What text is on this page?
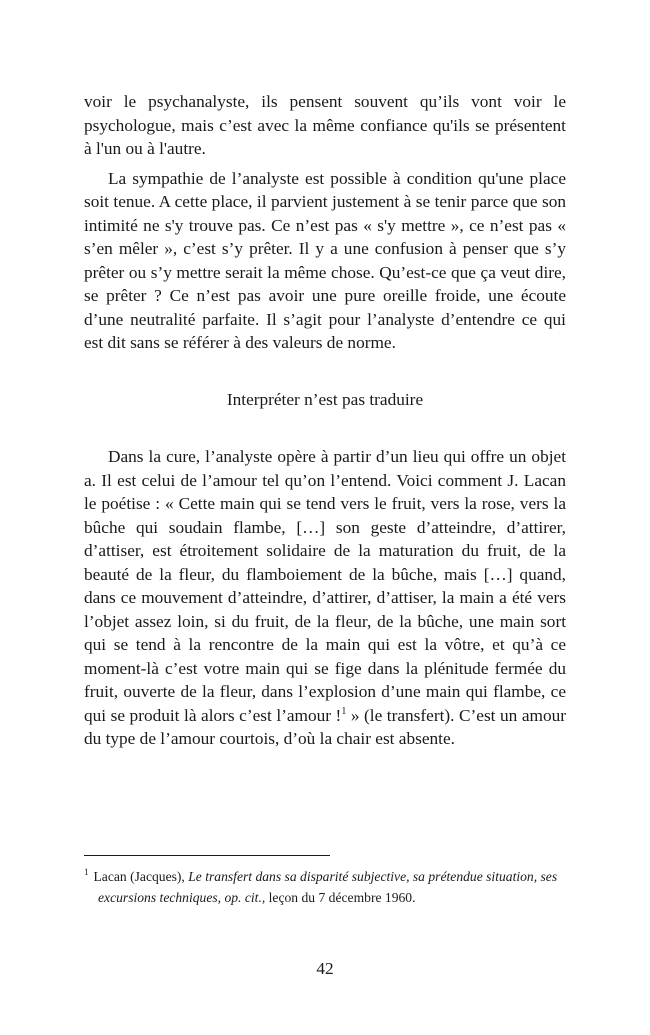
voir le psychanalyste, ils pensent souvent qu’ils vont voir le psychologue, mais c’est avec la même confiance qu'ils se présentent à l'un ou à l'autre.

La sympathie de l’analyste est possible à condition qu'une place soit tenue. A cette place, il parvient justement à se tenir parce que son intimité ne s'y trouve pas. Ce n’est pas « s'y mettre », ce n’est pas « s’en mêler », c’est s’y prêter. Il y a une confusion à penser que s’y prêter ou s’y mettre serait la même chose. Qu’est-ce que ça veut dire, se prêter ? Ce n’est pas avoir une pure oreille froide, une écoute d’une neutralité parfaite. Il s’agit pour l’analyste d’entendre ce qui est dit sans se référer à des valeurs de norme.

Interpréter n’est pas traduire

Dans la cure, l’analyste opère à partir d’un lieu qui offre un objet a. Il est celui de l’amour tel qu’on l’entend. Voici comment J. Lacan le poétise : « Cette main qui se tend vers le fruit, vers la rose, vers la bûche qui soudain flambe, […] son geste d’atteindre, d’attirer, d’attiser, est étroitement solidaire de la maturation du fruit, de la beauté de la fleur, du flamboiement de la bûche, mais […] quand, dans ce mouvement d’atteindre, d’attirer, d’attiser, la main a été vers l’objet assez loin, si du fruit, de la fleur, de la bûche, une main sort qui se tend à la rencontre de la main qui est la vôtre, et qu’à ce moment-là c’est votre main qui se fige dans la plénitude fermée du fruit, ouverte de la fleur, dans l’explosion d’une main qui flambe, ce qui se produit là alors c’est l’amour !$^1$ » (le transfert). C’est un amour du type de l’amour courtois, d’où la chair est absente.

$^1$ Lacan (Jacques), Le transfert dans sa disparité subjective, sa prétendue situation, ses excursions techniques, op. cit., leçon du 7 décembre 1960.
42
